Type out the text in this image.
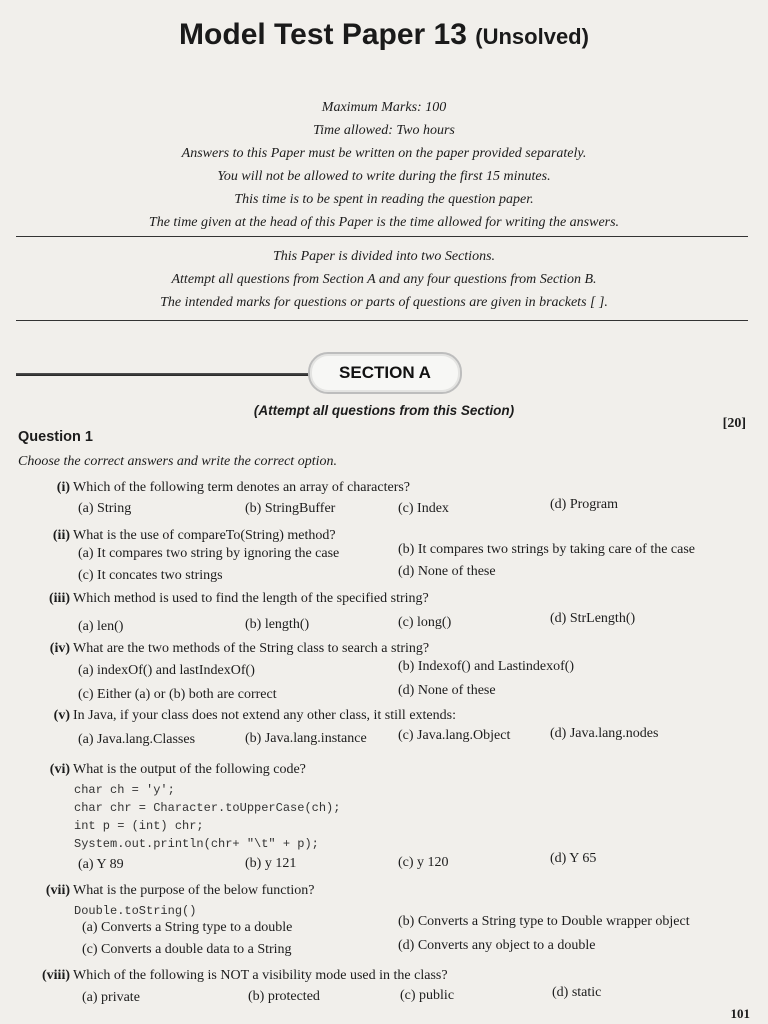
Model Test Paper 13 (Unsolved)
Maximum Marks: 100
Time allowed: Two hours
Answers to this Paper must be written on the paper provided separately.
You will not be allowed to write during the first 15 minutes.
This time is to be spent in reading the question paper.
The time given at the head of this Paper is the time allowed for writing the answers.
This Paper is divided into two Sections.
Attempt all questions from Section A and any four questions from Section B.
The intended marks for questions or parts of questions are given in brackets [ ].
SECTION A
(Attempt all questions from this Section)
Question 1
[20]
Choose the correct answers and write the correct option.
(i) Which of the following term denotes an array of characters?
(a) String	(b) StringBuffer	(c) Index	(d) Program
(ii) What is the use of compareTo(String) method?
(a) It compares two string by ignoring the case	(b) It compares two strings by taking care of the case
(c) It concates two strings	(d) None of these
(iii) Which method is used to find the length of the specified string?
(a) len()	(b) length()	(c) long()	(d) StrLength()
(iv) What are the two methods of the String class to search a string?
(a) indexOf() and lastIndexOf()	(b) Indexof() and Lastindexof()
(c) Either (a) or (b) both are correct	(d) None of these
(v) In Java, if your class does not extend any other class, it still extends:
(a) Java.lang.Classes	(b) Java.lang.instance (c) Java.lang.Object	(d) Java.lang.nodes
(vi) What is the output of the following code?
char ch = 'y';
char chr = Character.toUpperCase(ch);
int p = (int) chr;
System.out.println(chr+ "\t" + p);
(a) Y 89	(b) y 121	(c) y 120	(d) Y 65
(vii) What is the purpose of the below function?
Double.toString()
(a) Converts a String type to a double	(b) Converts a String type to Double wrapper object
(c) Converts a double data to a String	(d) Converts any object to a double
(viii) Which of the following is NOT a visibility mode used in the class?
(a) private	(b) protected	(c) public	(d) static
101
